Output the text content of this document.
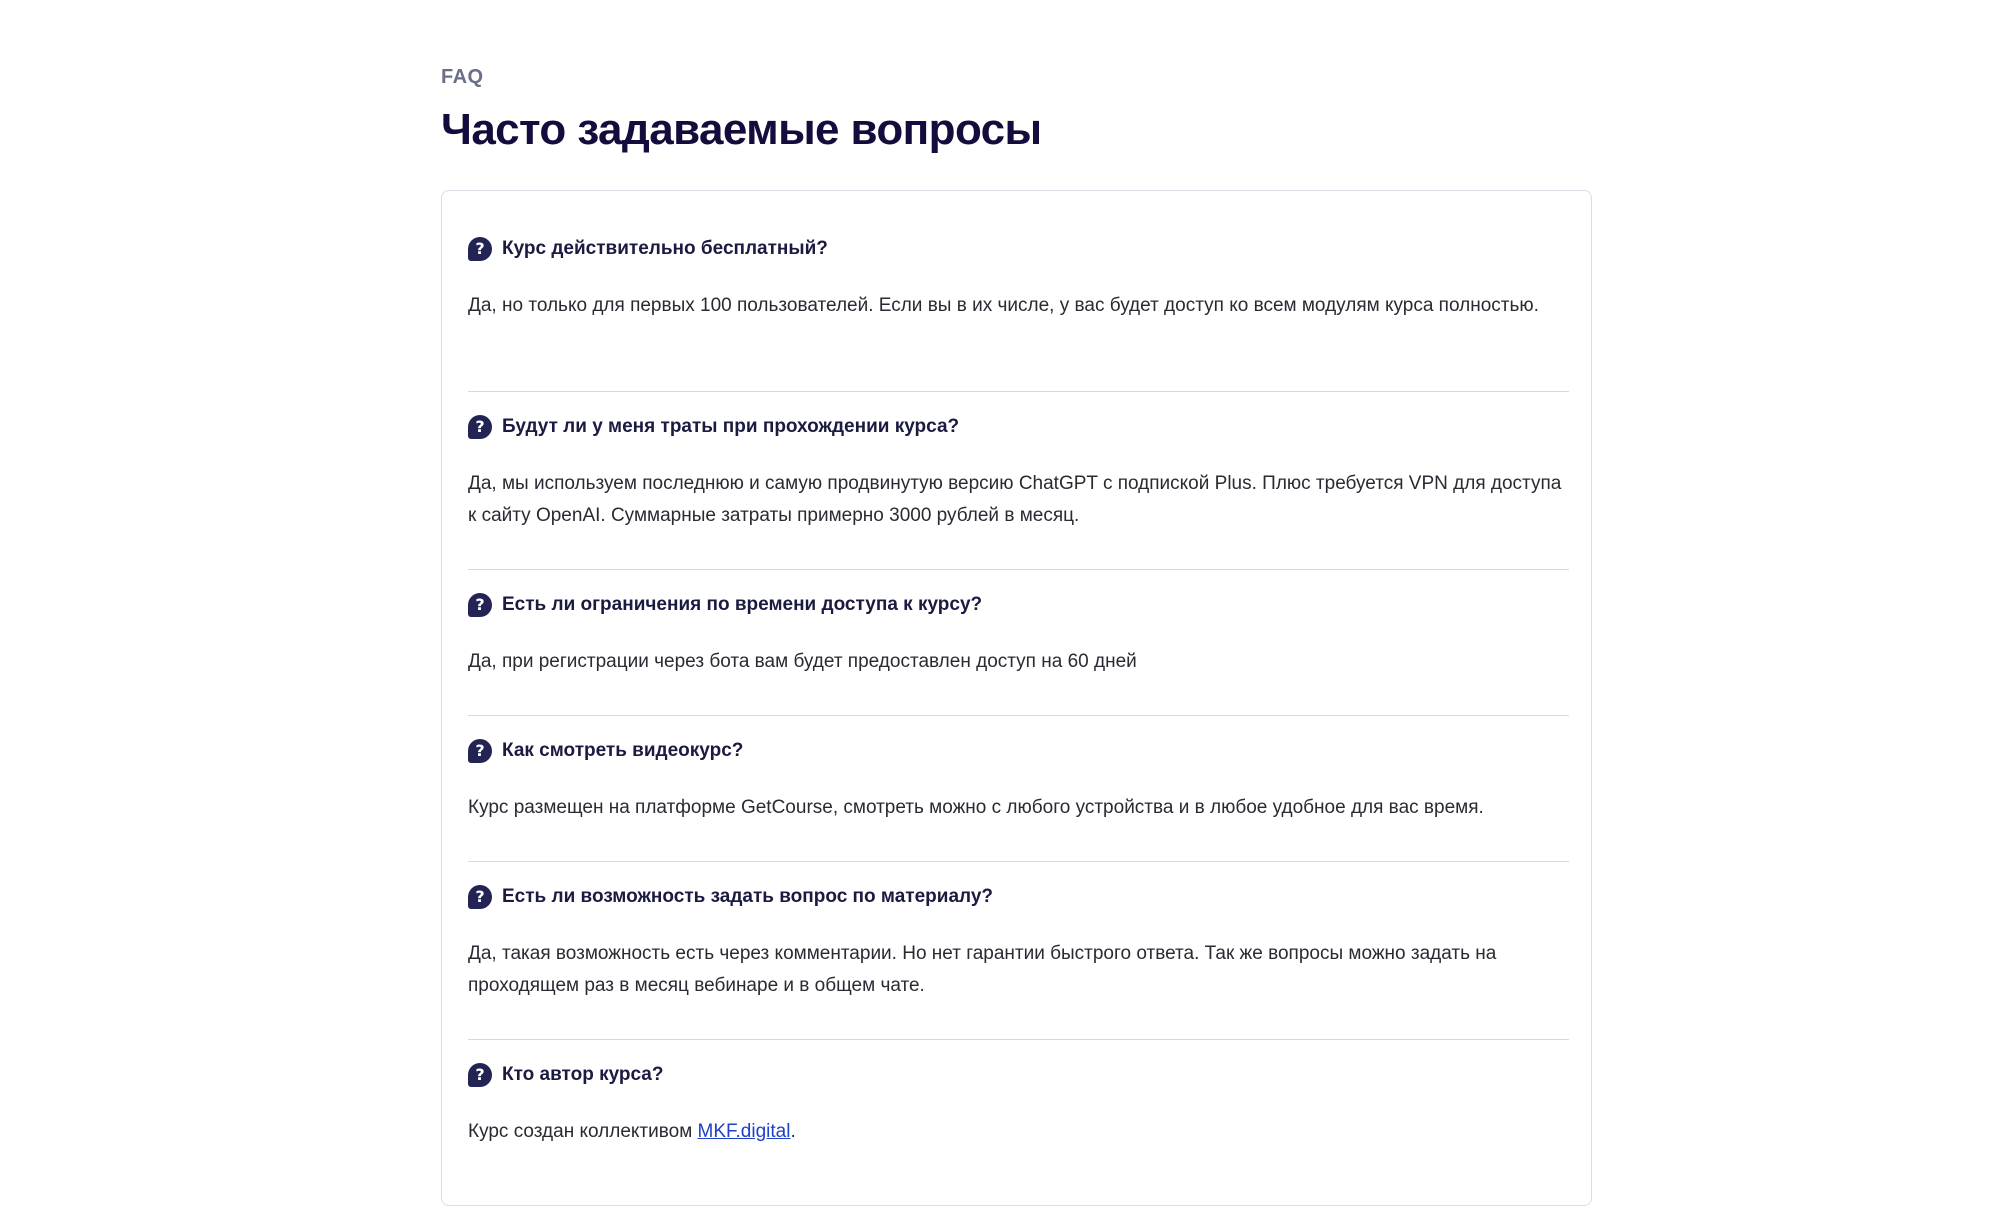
FAQ
Часто задаваемые вопросы
? Курс действительно бесплатный?
Да, но только для первых 100 пользователей. Если вы в их числе, у вас будет доступ ко всем модулям курса полностью.
? Будут ли у меня траты при прохождении курса?
Да, мы используем последнюю и самую продвинутую версию ChatGPT с подпиской Plus. Плюс требуется VPN для доступа к сайту OpenAI. Суммарные затраты примерно 3000 рублей в месяц.
? Есть ли ограничения по времени доступа к курсу?
Да, при регистрации через бота вам будет предоставлен доступ на 60 дней
? Как смотреть видеокурс?
Курс размещен на платформе GetCourse, смотреть можно с любого устройства и в любое удобное для вас время.
? Есть ли возможность задать вопрос по материалу?
Да, такая возможность есть через комментарии. Но нет гарантии быстрого ответа. Так же вопросы можно задать на проходящем раз в месяц вебинаре и в общем чате.
? Кто автор курса?
Курс создан коллективом MKF.digital.
